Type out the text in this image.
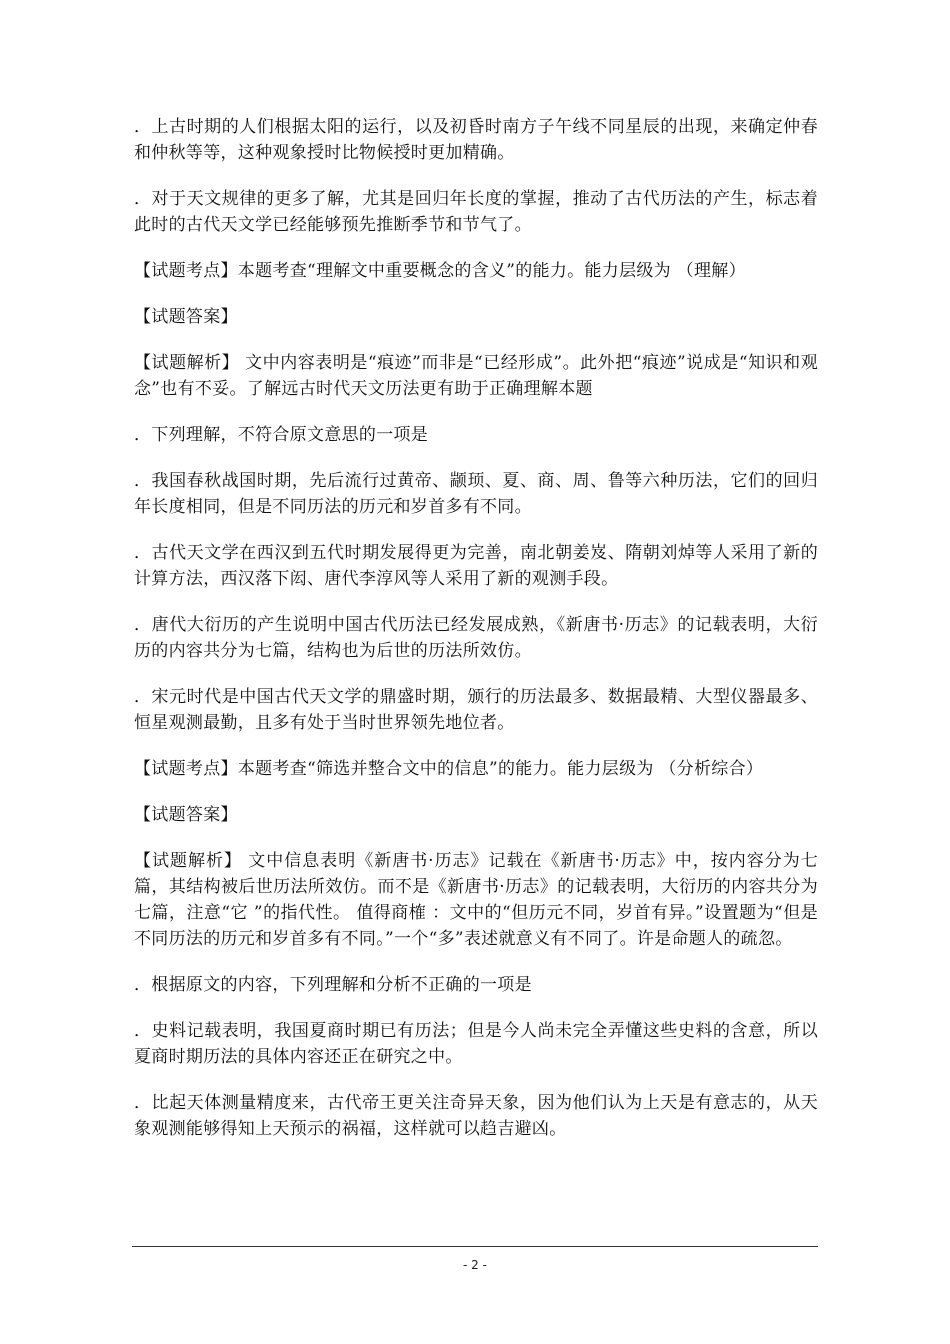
．上古时期的人们根据太阳的运行，以及初昏时南方子午线不同星辰的出现，来确定仲春和仲秋等等，这种观象授时比物候授时更加精确。

．对于天文规律的更多了解，尤其是回归年长度的掌握，推动了古代历法的产生，标志着此时的古代天文学已经能够预先推断季节和节气了。

【试题考点】本题考查“理解文中重要概念的含义”的能力。能力层级为 （理解）

【试题答案】

【试题解析】 文中内容表明是“痕迹”而非是“已经形成”。此外把“痕迹”说成是“知识和观念”也有不妥。了解远古时代天文历法更有助于正确理解本题

．下列理解，不符合原文意思的一项是

．我国春秋战国时期，先后流行过黄帝、颛顼、夏、商、周、鲁等六种历法，它们的回归年长度相同，但是不同历法的历元和岁首多有不同。

．古代天文学在西汉到五代时期发展得更为完善，南北朝姜岌、隋朝刘焯等人采用了新的计算方法，西汉落下闳、唐代李淳风等人采用了新的观测手段。

．唐代大衍历的产生说明中国古代历法已经发展成熟，《新唐书·历志》的记载表明，大衍历的内容共分为七篇，结构也为后世的历法所效仿。

．宋元时代是中国古代天文学的鼎盛时期，颁行的历法最多、数据最精、大型仪器最多、恒星观测最勤，且多有处于当时世界领先地位者。

【试题考点】本题考查“筛选并整合文中的信息”的能力。能力层级为 （分析综合）

【试题答案】

【试题解析】 文中信息表明《新唐书·历志》记载在《新唐书·历志》中，按内容分为七篇，其结构被后世历法所效仿。而不是《新唐书·历志》的记载表明，大衍历的内容共分为七篇，注意“它 ”的指代性。 值得商榷 ：文中的“但历元不同，岁首有异。”设置题为“但是不同历法的历元和岁首多有不同。”一个“多”表述就意义有不同了。许是命题人的疏忽。

．根据原文的内容，下列理解和分析不正确的一项是

．史料记载表明，我国夏商时期已有历法；但是今人尚未完全弄懂这些史料的含意，所以夏商时期历法的具体内容还正在研究之中。

．比起天体测量精度来，古代帝王更关注奇异天象，因为他们认为上天是有意志的，从天象观测能够得知上天预示的祸福，这样就可以趋吉避凶。

- 2 -
